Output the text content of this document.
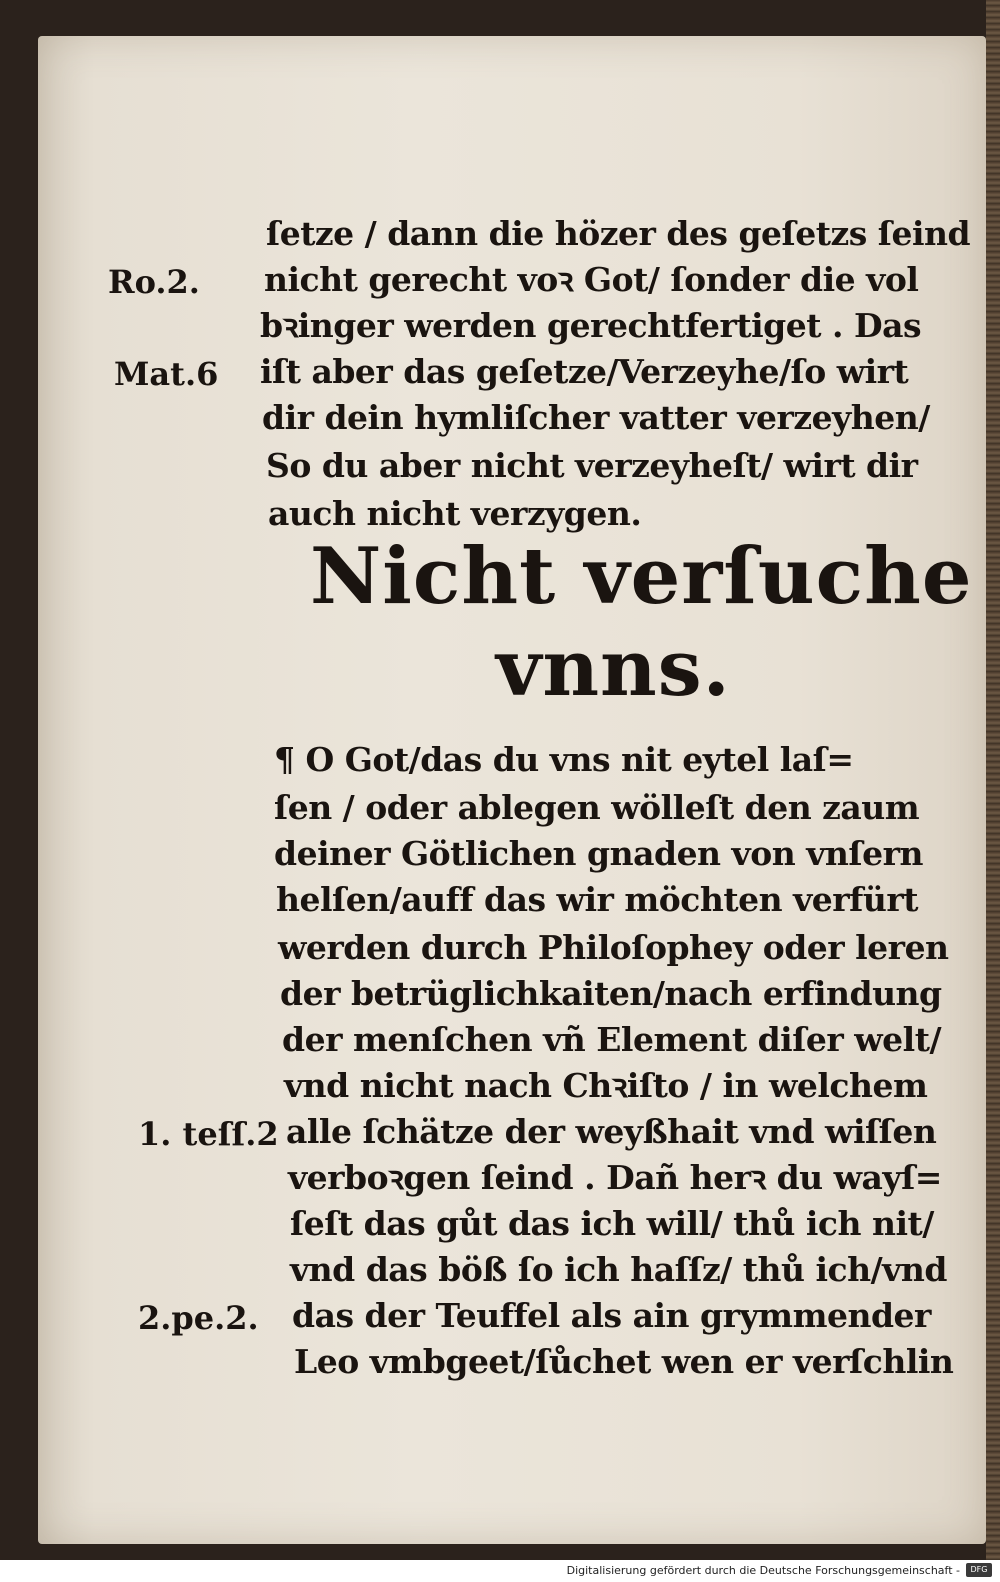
ſetze / dann die hözer des geſetzs ſeind
nicht gerecht voꝛ Got/ ſonder die vol
bꝛinger werden gerechtfertiget . Das
iſt aber das geſetze/Verzeyhe/ſo wirt
dir dein hymliſcher vatter verzeyhen/
So du aber nicht verzeyheſt/ wirt dir
auch nicht verzygen.
Nicht verſuche
vnns.
¶ O Got/das du vns nit eytel laſ=
ſen / oder ablegen wölleſt den zaum
deiner Götlichen gnaden von vnſern
helſen/auff das wir möchten verfürt
werden durch Philoſophey oder leren
der betrüglichkaiten/nach erfindung
der menſchen vñ Element diſer welt/
vnd nicht nach Chꝛiſto / in welchem
alle ſchätze der weyßhait vnd wiſſen
verboꝛgen ſeind . Dañ herꝛ du wayſ=
ſeſt das gůt das ich will/ thů ich nit/
vnd das böß ſo ich haſſz/ thů ich/vnd
das der Teuffel als ain grymmender
Leo vmbgeet/ſůchet wen er verſchlin
Ro.2.
Mat.6
1. teſſ.2
2.pe.2.
Digitalisierung gefördert durch die Deutsche Forschungsgemeinschaft -	DFG
